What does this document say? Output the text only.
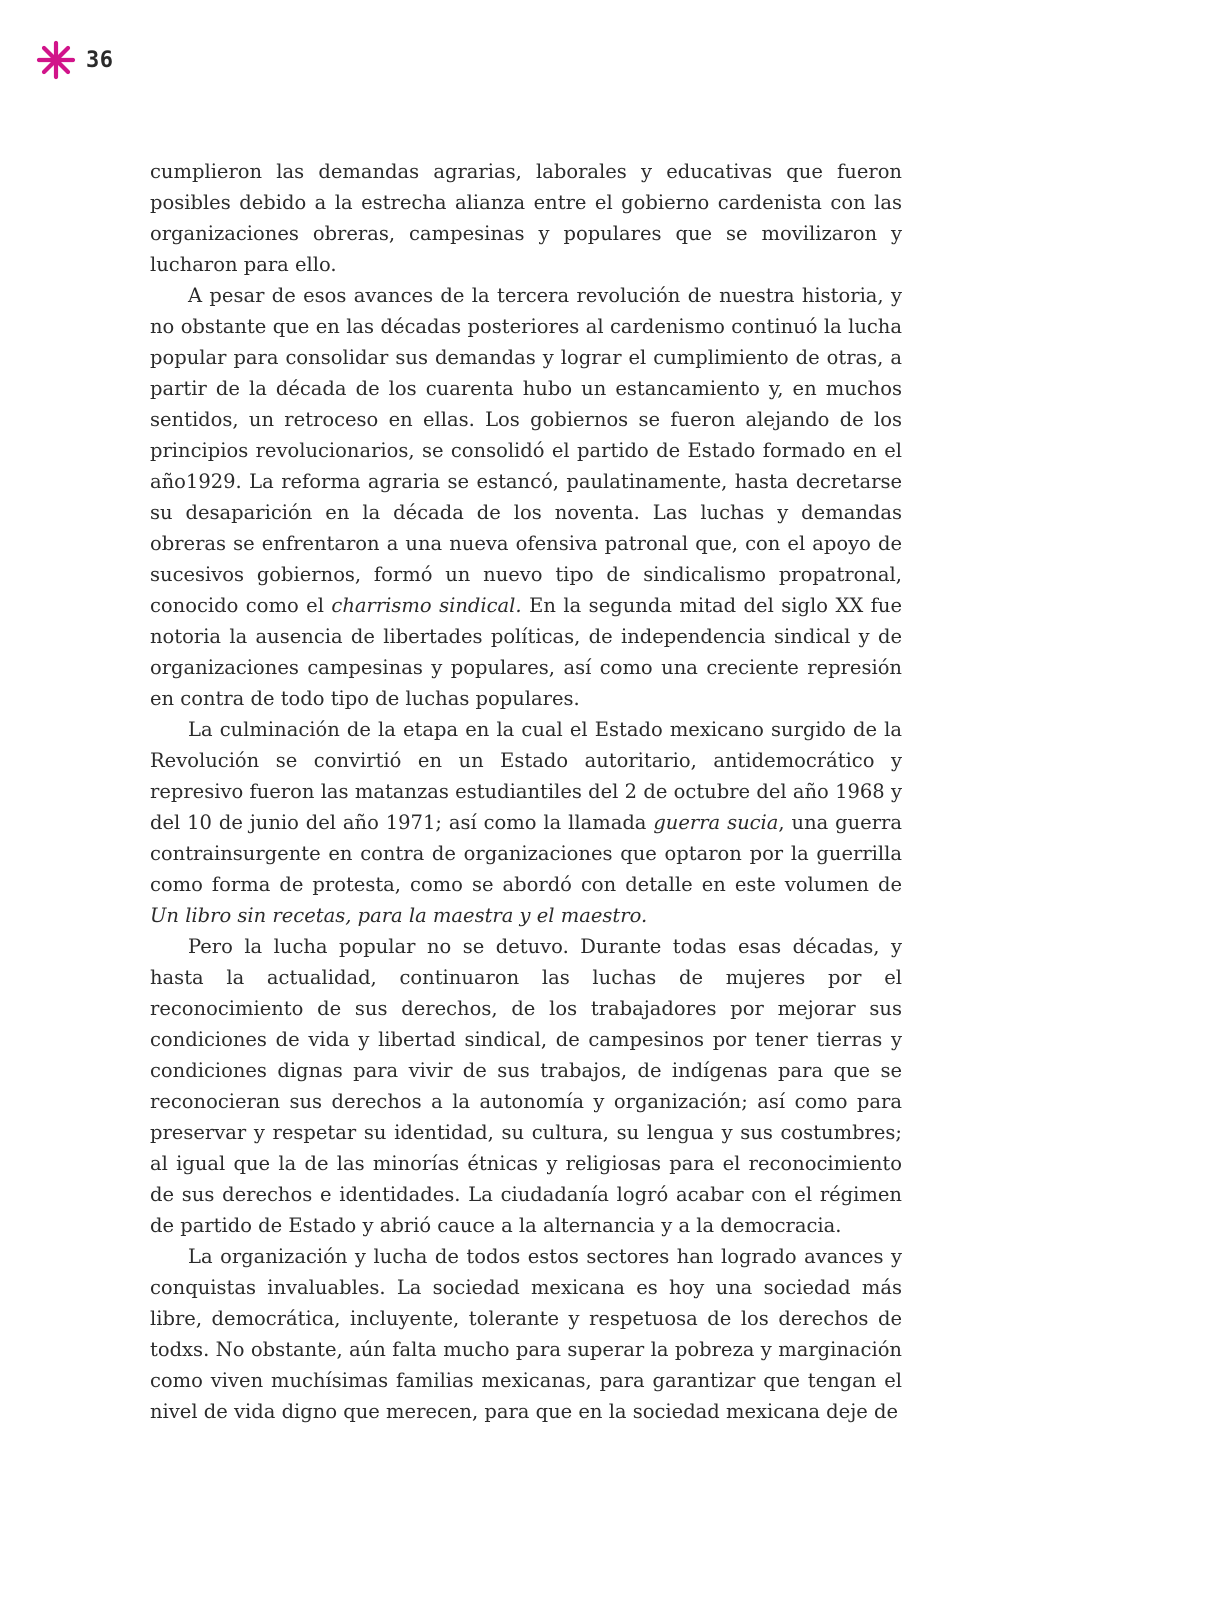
36

cumplieron las demandas agrarias, laborales y educativas que fueron posibles debido a la estrecha alianza entre el gobierno cardenista con las organizaciones obreras, campesinas y populares que se movilizaron y lucharon para ello.

A pesar de esos avances de la tercera revolución de nuestra historia, y no obstante que en las décadas posteriores al cardenismo continuó la lucha popular para consolidar sus demandas y lograr el cumplimiento de otras, a partir de la década de los cuarenta hubo un estancamiento y, en muchos sentidos, un retroceso en ellas. Los gobiernos se fueron alejando de los principios revolucionarios, se consolidó el partido de Estado formado en el año1929. La reforma agraria se estancó, paulatinamente, hasta decretarse su desaparición en la década de los noventa. Las luchas y demandas obreras se enfrentaron a una nueva ofensiva patronal que, con el apoyo de sucesivos gobiernos, formó un nuevo tipo de sindicalismo propatronal, conocido como el charrismo sindical. En la segunda mitad del siglo XX fue notoria la ausencia de libertades políticas, de independencia sindical y de organizaciones campesinas y populares, así como una creciente represión en contra de todo tipo de luchas populares.

La culminación de la etapa en la cual el Estado mexicano surgido de la Revolución se convirtió en un Estado autoritario, antidemocrático y represivo fueron las matanzas estudiantiles del 2 de octubre del año 1968 y del 10 de junio del año 1971; así como la llamada guerra sucia, una guerra contrainsurgente en contra de organizaciones que optaron por la guerrilla como forma de protesta, como se abordó con detalle en este volumen de Un libro sin recetas, para la maestra y el maestro.

Pero la lucha popular no se detuvo. Durante todas esas décadas, y hasta la actualidad, continuaron las luchas de mujeres por el reconocimiento de sus derechos, de los trabajadores por mejorar sus condiciones de vida y libertad sindical, de campesinos por tener tierras y condiciones dignas para vivir de sus trabajos, de indígenas para que se reconocieran sus derechos a la autonomía y organización; así como para preservar y respetar su identidad, su cultura, su lengua y sus costumbres; al igual que la de las minorías étnicas y religiosas para el reconocimiento de sus derechos e identidades. La ciudadanía logró acabar con el régimen de partido de Estado y abrió cauce a la alternancia y a la democracia.

La organización y lucha de todos estos sectores han logrado avances y conquistas invaluables. La sociedad mexicana es hoy una sociedad más libre, democrática, incluyente, tolerante y respetuosa de los derechos de todxs. No obstante, aún falta mucho para superar la pobreza y marginación como viven muchísimas familias mexicanas, para garantizar que tengan el nivel de vida digno que merecen, para que en la sociedad mexicana deje de
